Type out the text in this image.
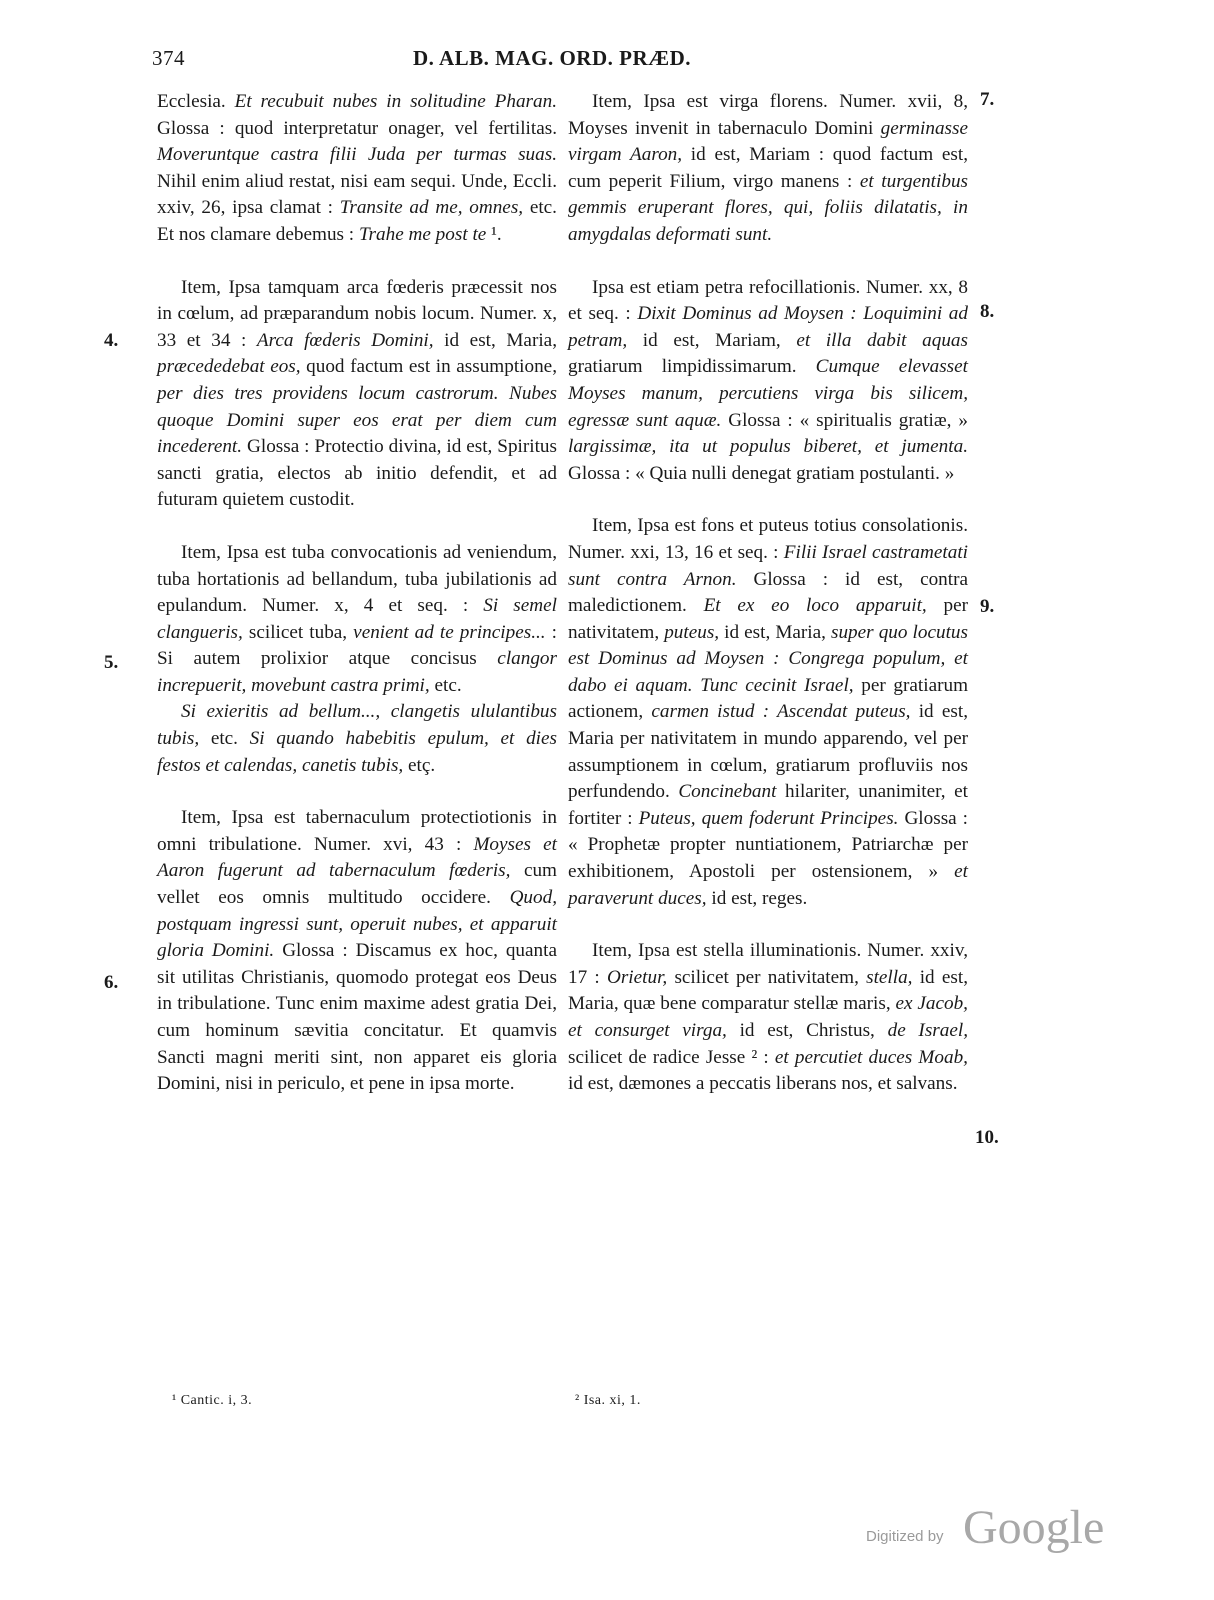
374	D. ALB. MAG. ORD. PRÆD.

Ecclesia. Et recubuit nubes in solitudine Pharan. Glossa : quod interpretatur onager, vel fertilitas. Moveruntque castra filii Juda per turmas suas. Nihil enim aliud restat, nisi eam sequi. Unde, Eccli. xxiv, 26, ipsa clamat : Transite ad me, omnes, etc. Et nos clamare debemus : Trahe me post te ¹.

Item, Ipsa tamquam arca fœderis præcessit nos in cœlum, ad præparandum nobis locum. Numer. x, 33 et 34 : Arca fœderis Domini, id est, Maria, præcededebat eos, quod factum est in assumptione, per dies tres providens locum castrorum. Nubes quoque Domini super eos erat per diem cum incederent. Glossa : Protectio divina, id est, Spiritus sancti gratia, electos ab initio defendit, et ad futuram quietem custodit.

Item, Ipsa est tuba convocationis ad veniendum, tuba hortationis ad bellandum, tuba jubilationis ad epulandum. Numer. x, 4 et seq. : Si semel clangueris, scilicet tuba, venient ad te principes... : Si autem prolixior atque concisus clangor increpuerit, movebunt castra primi, etc.

Si exieritis ad bellum..., clangetis ululantibus tubis, etc. Si quando habebitis epulum, et dies festos et calendas, canetis tubis, etç.

Item, Ipsa est tabernaculum protectiotionis in omni tribulatione. Numer. xvi, 43 : Moyses et Aaron fugerunt ad tabernaculum fœderis, cum vellet eos omnis multitudo occidere. Quod, postquam ingressi sunt, operuit nubes, et apparuit gloria Domini. Glossa : Discamus ex hoc, quanta sit utilitas Christianis, quomodo protegat eos Deus in tribulatione. Tunc enim maxime adest gratia Dei, cum hominum sævitia concitatur. Et quamvis Sancti magni meriti sint, non apparet eis gloria Domini, nisi in periculo, et pene in ipsa morte.

Item, Ipsa est virga florens. Numer. xvii, 8, Moyses invenit in tabernaculo Domini germinasse virgam Aaron, id est, Mariam : quod factum est, cum peperit Filium, virgo manens : et turgentibus gemmis eruperant flores, qui, foliis dilatatis, in amygdalas deformati sunt.

Ipsa est etiam petra refocillationis. Numer. xx, 8 et seq. : Dixit Dominus ad Moysen : Loquimini ad petram, id est, Mariam, et illa dabit aquas gratiarum limpidissimarum. Cumque elevasset Moyses manum, percutiens virga bis silicem, egressæ sunt aquæ. Glossa : « spiritualis gratiæ, » largissimæ, ita ut populus biberet, et jumenta. Glossa : « Quia nulli denegat gratiam postulanti. »

Item, Ipsa est fons et puteus totius consolationis. Numer. xxi, 13, 16 et seq. : Filii Israel castrametati sunt contra Arnon. Glossa : id est, contra maledictionem. Et ex eo loco apparuit, per nativitatem, puteus, id est, Maria, super quo locutus est Dominus ad Moysen : Congrega populum, et dabo ei aquam. Tunc cecinit Israel, per gratiarum actionem, carmen istud : Ascendat puteus, id est, Maria per nativitatem in mundo apparendo, vel per assumptionem in cœlum, gratiarum profluviis nos perfundendo. Concinebant hilariter, unanimiter, et fortiter : Puteus, quem foderunt Principes. Glossa : « Prophetæ propter nuntiationem, Patriarchæ per exhibitionem, Apostoli per ostensionem, » et paraverunt duces, id est, reges.

Item, Ipsa est stella illuminationis. Numer. xxiv, 17 : Orietur, scilicet per nativitatem, stella, id est, Maria, quæ bene comparatur stellæ maris, ex Jacob, et consurget virga, id est, Christus, de Israel, scilicet de radice Jesse ² : et percutiet duces Moab, id est, dæmones a peccatis liberans nos, et salvans.

4.
5.
6.
7.
8.
9.
10.
¹ Cantic. i, 3.	² Isa. xi, 1.
Digitized by Google
